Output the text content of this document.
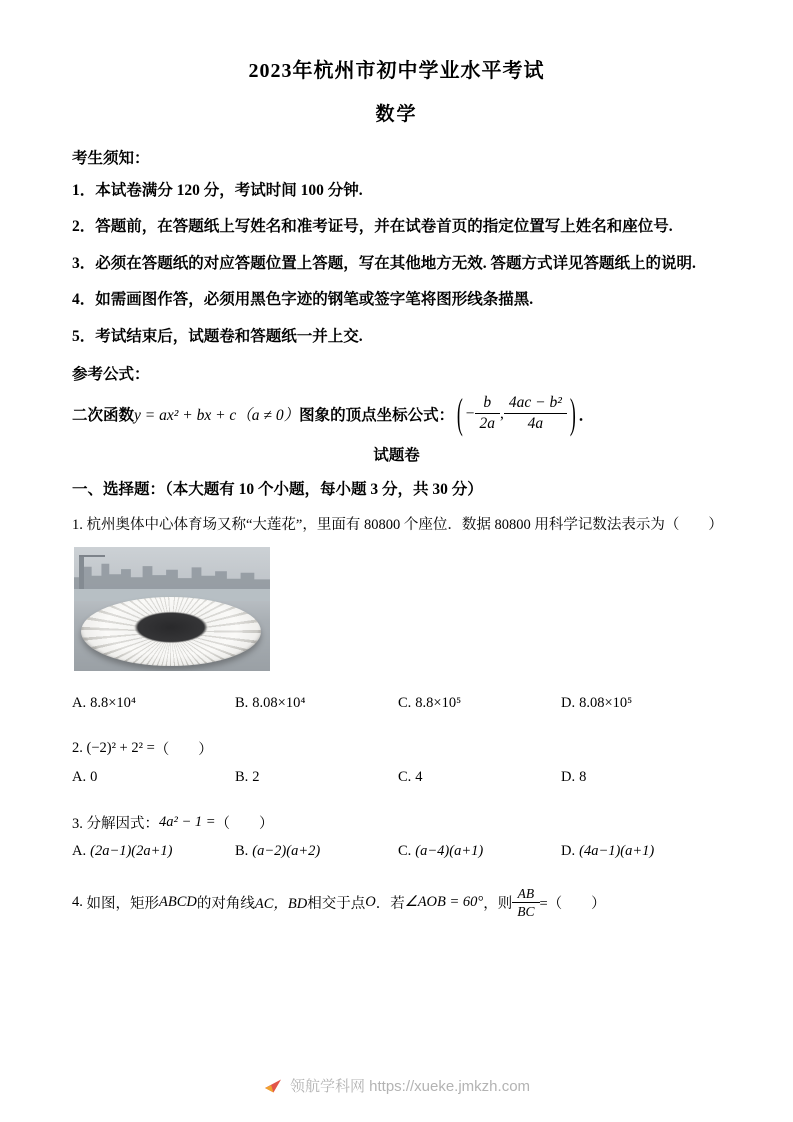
2023年杭州市初中学业水平考试
数学

考生须知：

1．本试卷满分 120 分，考试时间 100 分钟.

2．答题前，在答题纸上写姓名和准考证号，并在试卷首页的指定位置写上姓名和座位号.

3．必须在答题纸的对应答题位置上答题，写在其他地方无效. 答题方式详见答题纸上的说明.

4．如需画图作答，必须用黑色字迹的钢笔或签字笔将图形线条描黑.

5．考试结束后，试题卷和答题纸一并上交.

参考公式：

二次函数 y = ax² + bx + c（a ≠ 0） 图象的顶点坐标公式： ( − $\frac{b}{2a}$ , $\frac{\text{4ac − b²}}{4a}$ ) ．
试题卷

一、选择题：（本大题有 10 个小题，每小题 3 分，共 30 分）

1. 杭州奥体中心体育场又称“大莲花”，里面有 80800 个座位．数据 80800 用科学记数法表示为（　　）

A. 8.8×10⁴	B. 8.08×10⁴	C. 8.8×10⁵	D. 8.08×10⁵
2.
(−2)² + 2² = （　　）
A. 0	B. 2	C. 4	D. 8
3. 分解因式： 4a² − 1 = （　　）
A. (2a−1)(2a+1)	B. (a−2)(a+2)	C. (a−4)(a+1)	D. (4a−1)(a+1)
4.
如图，矩形 ABCD 的对角线 AC，BD 相交于点 O ．若 ∠AOB = 60° ，则 $\frac{AB}{BC}$ =（　　）
领航学科网 https://xueke.jmkzh.com
